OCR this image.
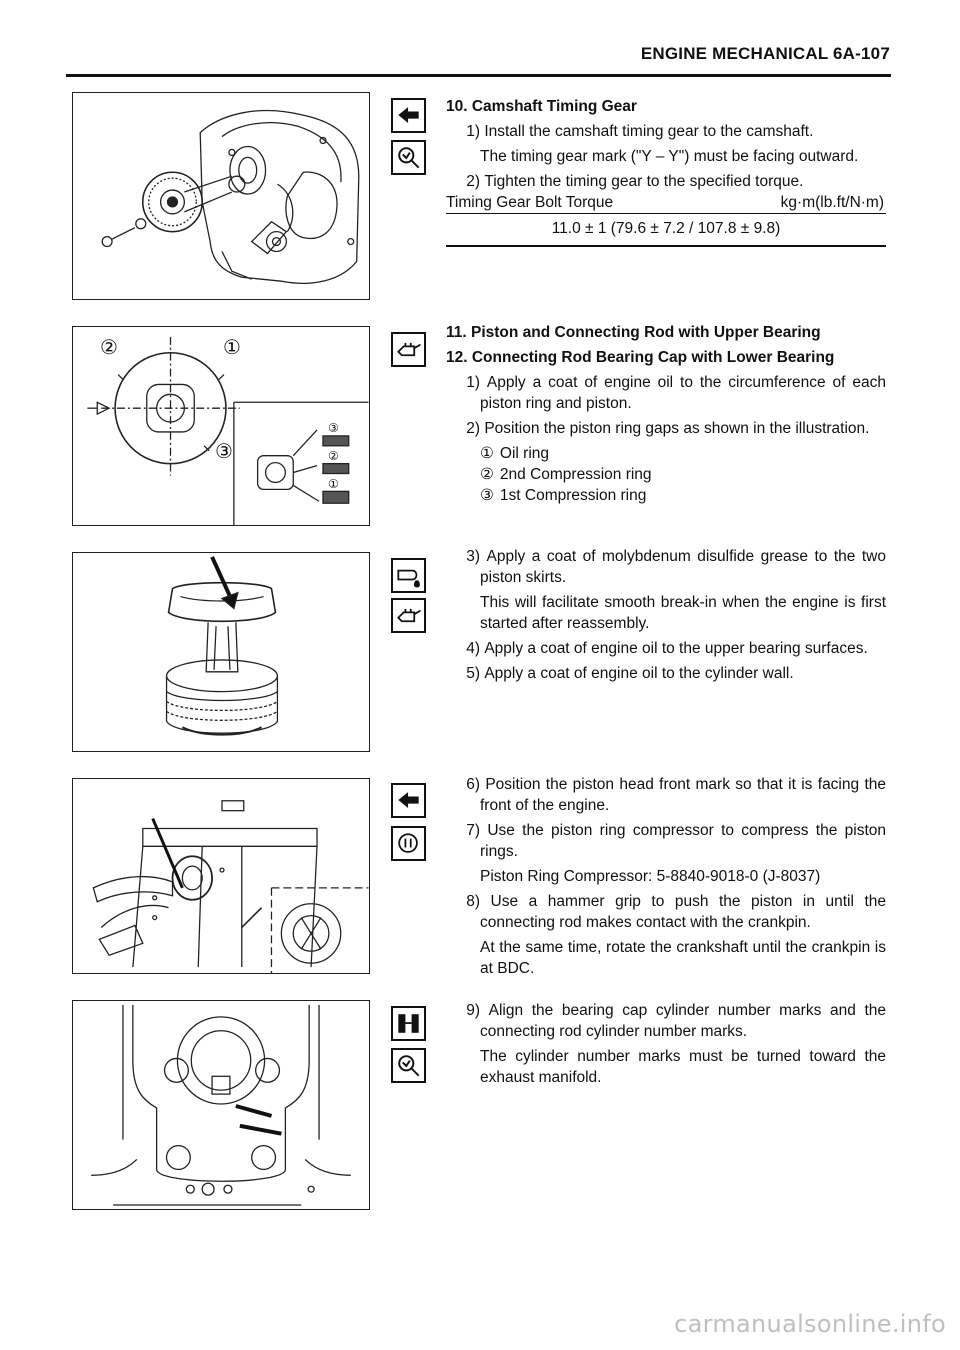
ENGINE MECHANICAL 6A-107
②	①
③
③
②
①

10. Camshaft Timing Gear

1) Install the camshaft timing gear to the camshaft.

The timing gear mark ("Y – Y") must be facing outward.

2) Tighten the timing gear to the specified torque.

Timing Gear Bolt Torque	kg·m(lb.ft/N·m)
11.0 ± 1 (79.6 ± 7.2 / 107.8 ± 9.8)

11. Piston and Connecting Rod with Upper Bearing

12. Connecting Rod Bearing Cap with Lower Bearing

1) Apply a coat of engine oil to the circumference of each piston ring and piston.

2) Position the piston ring gaps as shown in the illustration.

① Oil ring

② 2nd Compression ring

③ 1st Compression ring

3) Apply a coat of molybdenum disulfide grease to the two piston skirts.

This will facilitate smooth break-in when the engine is first started after reassembly.

4) Apply a coat of engine oil to the upper bearing surfaces.

5) Apply a coat of engine oil to the cylinder wall.

6) Position the piston head front mark so that it is facing the front of the engine.

7) Use the piston ring compressor to compress the piston rings.

Piston Ring Compressor: 5-8840-9018-0 (J-8037)

8) Use a hammer grip to push the piston in until the connecting rod makes contact with the crankpin.

At the same time, rotate the crankshaft until the crankpin is at BDC.

9) Align the bearing cap cylinder number marks and the connecting rod cylinder number marks.

The cylinder number marks must be turned toward the exhaust manifold.

carmanualsonline.info
